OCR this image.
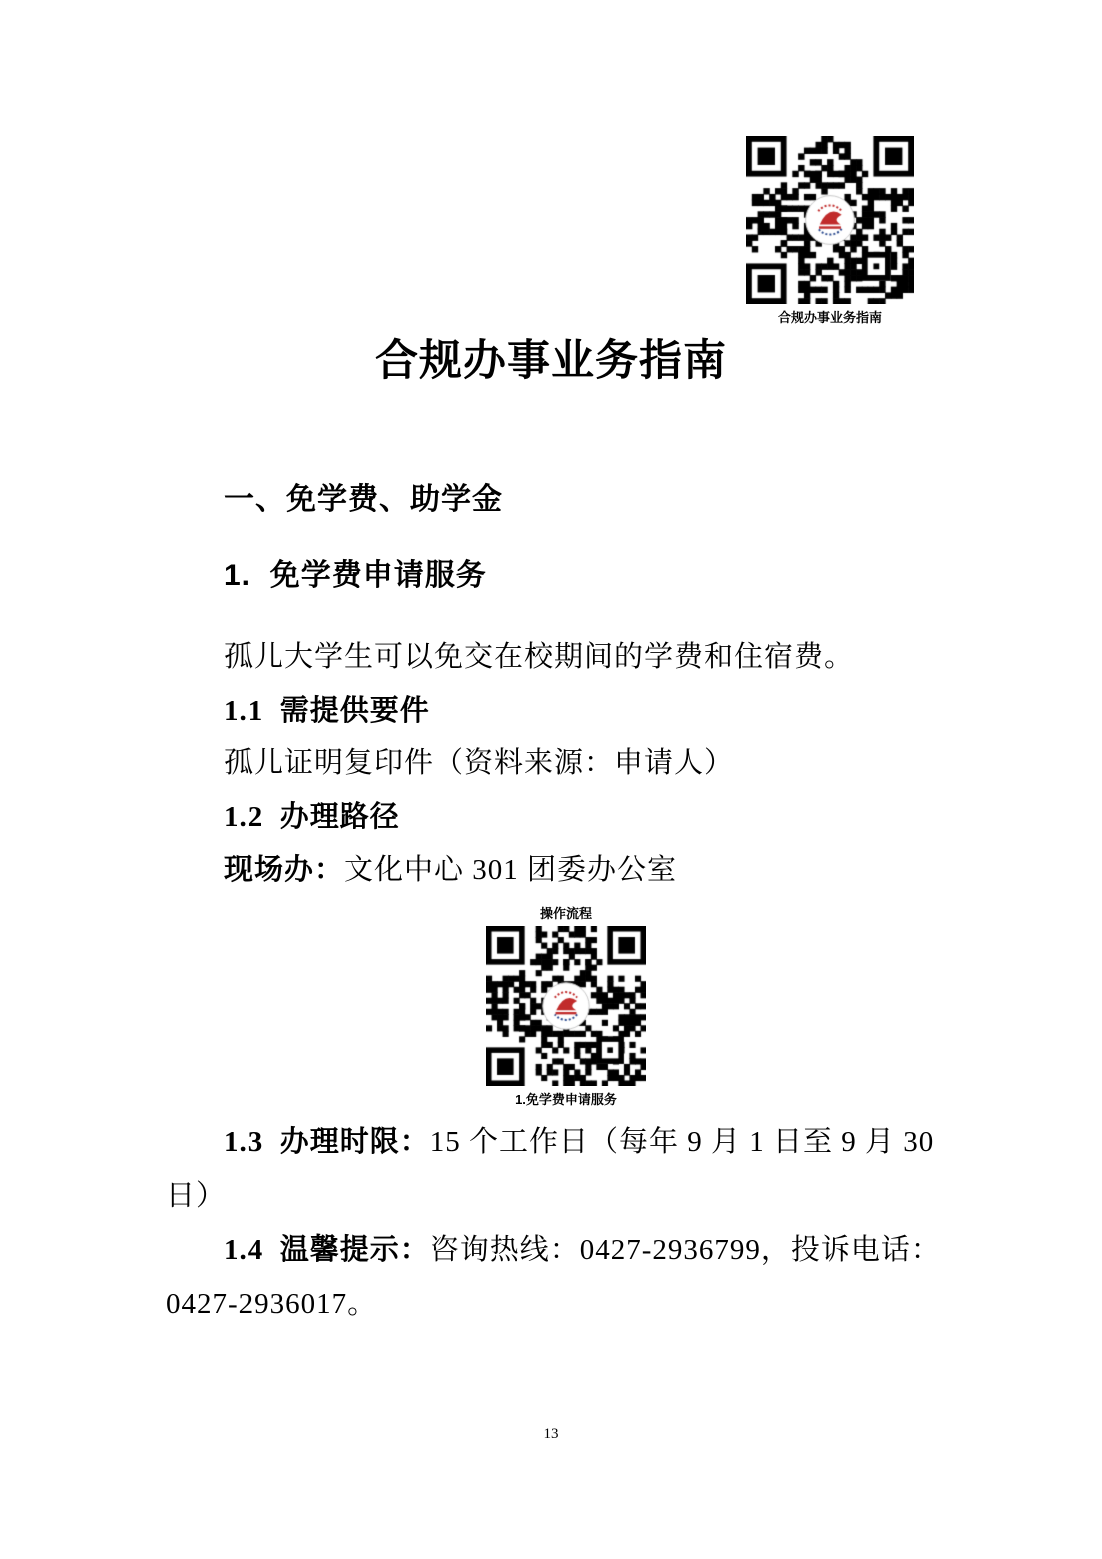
合规办事业务指南
合规办事业务指南
一、免学费、助学金
1.  免学费申请服务
孤儿大学生可以免交在校期间的学费和住宿费。
1.1  需提供要件
孤儿证明复印件（资料来源：申请人）
1.2  办理路径
现场办：文化中心 301 团委办公室
操作流程
1.免学费申请服务
1.3  办理时限：15 个工作日（每年 9 月 1 日至 9 月 30
日）
1.4  温馨提示：咨询热线：0427-2936799，投诉电话：
0427-2936017。
13
